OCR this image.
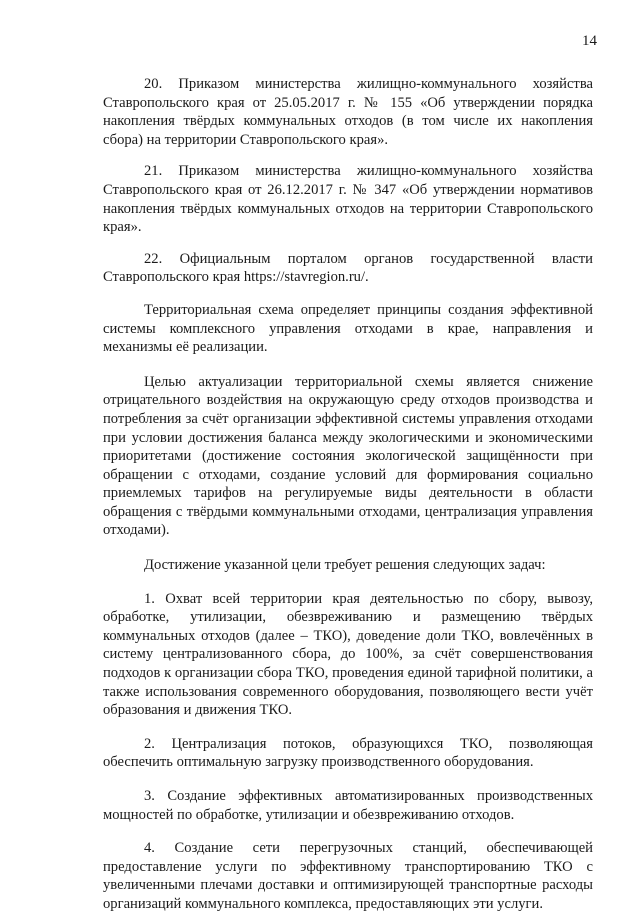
14

20. Приказом министерства жилищно-коммунального хозяйства Ставропольского края от 25.05.2017 г. № 155 «Об утверждении порядка накопления твёрдых коммунальных отходов (в том числе их накопления сбора) на территории Ставропольского края».

21. Приказом министерства жилищно-коммунального хозяйства Ставропольского края от 26.12.2017 г. № 347 «Об утверждении нормативов накопления твёрдых коммунальных отходов на территории Ставропольского края».

22. Официальным порталом органов государственной власти Ставропольского края https://stavregion.ru/.

Территориальная схема определяет принципы создания эффективной системы комплексного управления отходами в крае, направления и механизмы её реализации.

Целью актуализации территориальной схемы является снижение отрицательного воздействия на окружающую среду отходов производства и потребления за счёт организации эффективной системы управления отходами при условии достижения баланса между экологическими и экономическими приоритетами (достижение состояния экологической защищённости при обращении с отходами, создание условий для формирования социально приемлемых тарифов на регулируемые виды деятельности в области обращения с твёрдыми коммунальными отходами, централизация управления отходами).

Достижение указанной цели требует решения следующих задач:

1. Охват всей территории края деятельностью по сбору, вывозу, обработке, утилизации, обезвреживанию и размещению твёрдых коммунальных отходов (далее – ТКО), доведение доли ТКО, вовлечённых в систему централизованного сбора, до 100%, за счёт совершенствования подходов к организации сбора ТКО, проведения единой тарифной политики, а также использования современного оборудования, позволяющего вести учёт образования и движения ТКО.

2. Централизация потоков, образующихся ТКО, позволяющая обеспечить оптимальную загрузку производственного оборудования.

3. Создание эффективных автоматизированных производственных мощностей по обработке, утилизации и обезвреживанию отходов.

4. Создание сети перегрузочных станций, обеспечивающей предоставление услуги по эффективному транспортированию ТКО с увеличенными плечами доставки и оптимизирующей транспортные расходы организаций коммунального комплекса, предоставляющих эти услуги.
